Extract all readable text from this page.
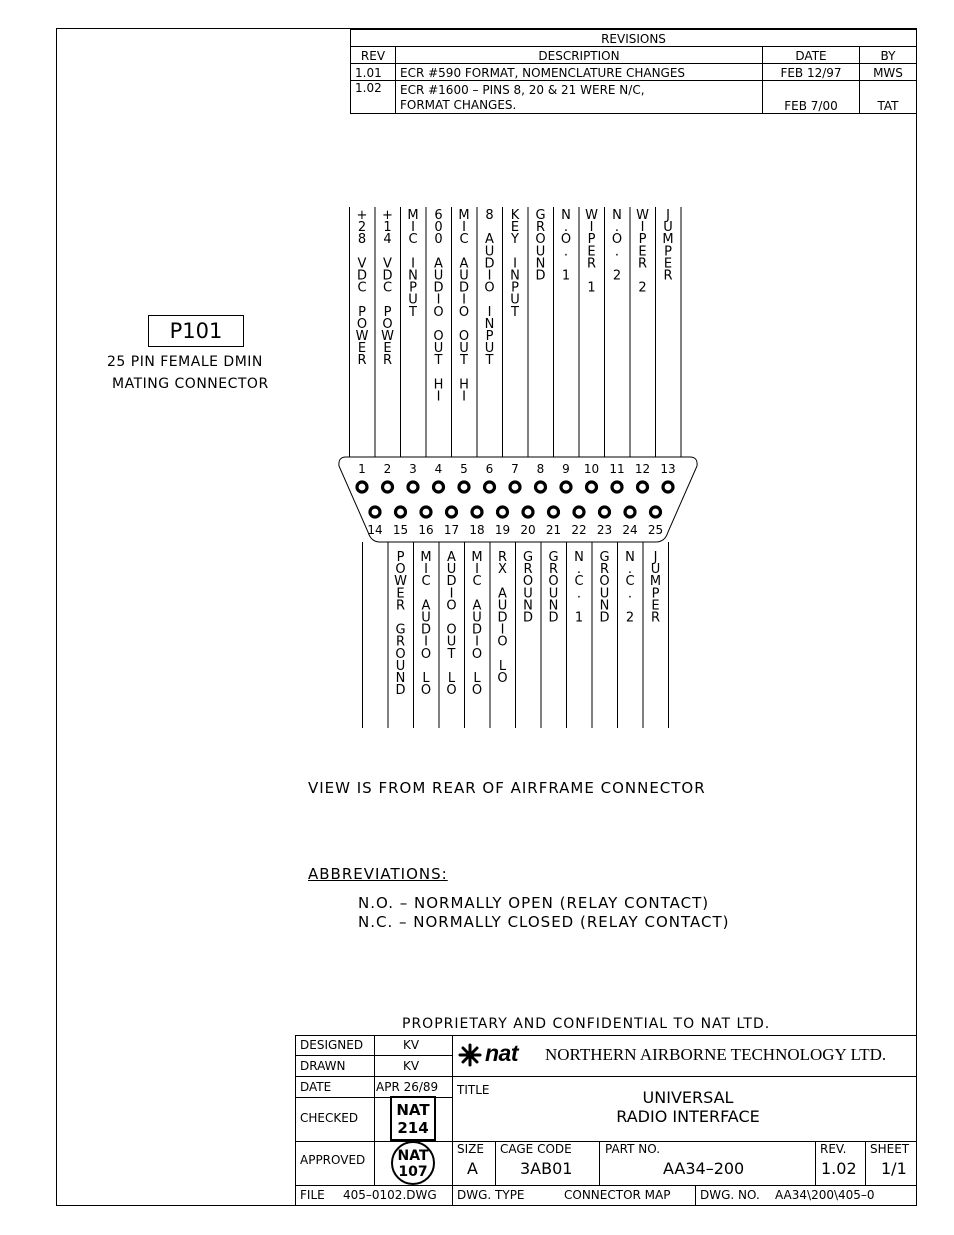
REVISIONS			
REV	DESCRIPTION	DATE	BY
1.01	ECR #590 FORMAT, NOMENCLATURE CHANGES	FEB 12/97	MWS
1.02	ECR #1600 – PINS 8, 20 & 21 WERE N/C,
FORMAT CHANGES.	FEB 7/00	TAT
P101
25 PIN FEMALE DMIN
MATING CONNECTOR
1
+
2
8
V
D
C
P
O
W
E
R
2
+
1
4
V
D
C
P
O
W
E
R
3
M
I
C
I
N
P
U
T
4
6
0
0
A
U
D
I
O
O
U
T
H
I
5
M
I
C
A
U
D
I
O
O
U
T
H
I
6
8
A
U
D
I
O
I
N
P
U
T
7
K
E
Y
I
N
P
U
T
8
G
R
O
U
N
D
9
N
.
O
.
1
10
W
I
P
E
R
1
11
N
.
O
.
2
12
W
I
P
E
R
2
13
J
U
M
P
E
R
14 15
P
O
W
E
R
G
R
O
U
N
D
16
M
I
C
A
U
D
I
O
L
O
17
A
U
D
I
O
O
U
T
L
O
18
M
I
C
A
U
D
I
O
L
O
19
R
X
A
U
D
I
O
L
O
20
G
R
O
U
N
D
21
G
R
O
U
N
D
22
N
.
C
.
1
23
G
R
O
U
N
D
24
N
.
C
.
2
25
J
U
M
P
E
R
VIEW IS FROM REAR OF AIRFRAME CONNECTOR
ABBREVIATIONS:
N.O. – NORMALLY OPEN (RELAY CONTACT)
N.C. – NORMALLY CLOSED (RELAY CONTACT)
PROPRIETARY AND CONFIDENTIAL TO NAT LTD.
DESIGNED	KV
DRAWN	KV
DATE	APR 26/89
CHECKED
APPROVED
NAT
214
NAT
107
FILE 405–0102.DWG
nat NORTHERN AIRBORNE TECHNOLOGY LTD.
TITLE	UNIVERSAL
RADIO INTERFACE
SIZE
A
CAGE CODE
3AB01
PART NO.
AA34–200
REV.
1.02
SHEET
1/1
DWG. TYPE	CONNECTOR MAP DWG. NO. AA34\200\405–0
